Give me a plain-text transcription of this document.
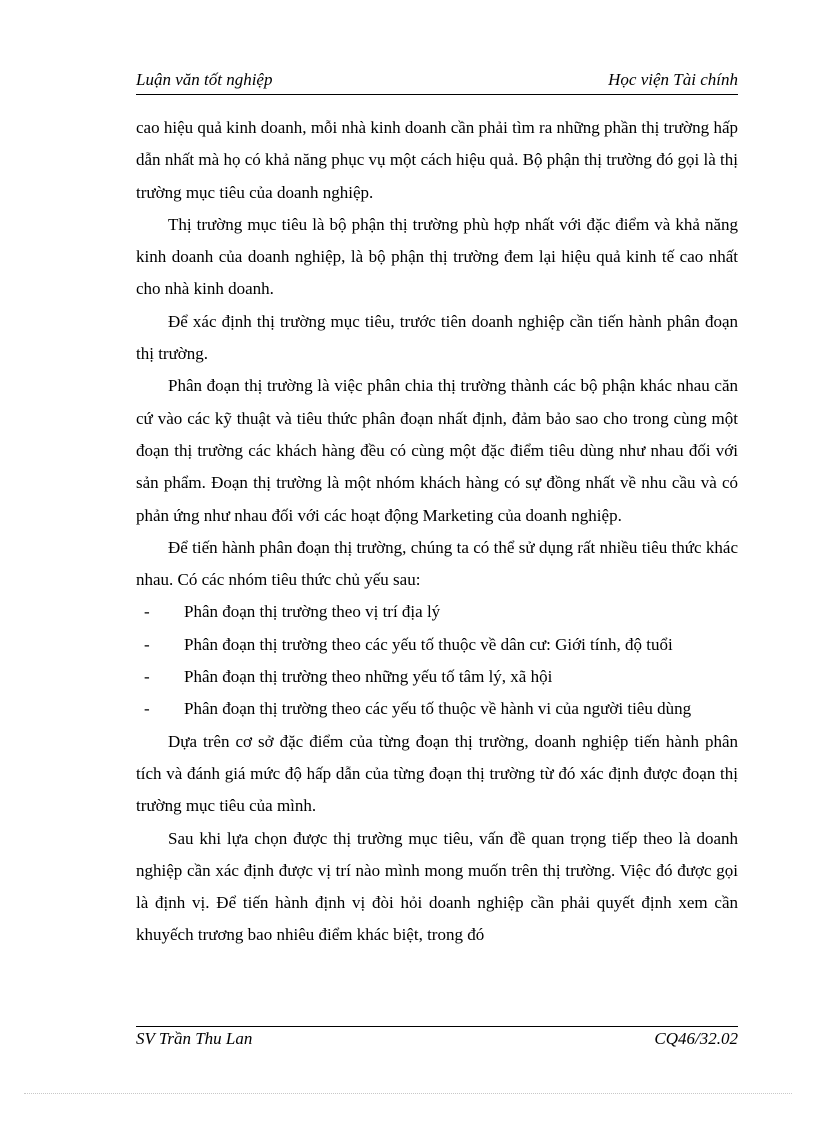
Luận văn tốt nghiệp	Học viện Tài chính

cao hiệu quả kinh doanh, mỗi nhà kinh doanh cần phải tìm ra những phần thị trường hấp dẫn nhất mà họ có khả năng phục vụ một cách hiệu quả. Bộ phận thị trường đó gọi là thị trường mục tiêu của doanh nghiệp.

Thị trường mục tiêu là bộ phận thị trường phù hợp nhất với đặc điểm và khả năng kinh doanh của doanh nghiệp, là bộ phận thị trường đem lại hiệu quả kinh tế cao nhất cho nhà kinh doanh.

Để xác định thị trường mục tiêu, trước tiên doanh nghiệp cần tiến hành phân đoạn thị trường.

Phân đoạn thị trường là việc phân chia thị trường thành các bộ phận khác nhau căn cứ vào các kỹ thuật và tiêu thức phân đoạn nhất định, đảm bảo sao cho trong cùng một đoạn thị trường các khách hàng đều có cùng một đặc điểm tiêu dùng như nhau đối với sản phẩm. Đoạn thị trường là một nhóm khách hàng có sự đồng nhất về nhu cầu và có phản ứng như nhau đối với các hoạt động Marketing của doanh nghiệp.

Để tiến hành phân đoạn thị trường, chúng ta có thể sử dụng rất nhiều tiêu thức khác nhau. Có các nhóm tiêu thức chủ yếu sau:

- Phân đoạn thị trường theo vị trí địa lý
- Phân đoạn thị trường theo các yếu tố thuộc về dân cư: Giới tính, độ tuổi
- Phân đoạn thị trường theo những yếu tố tâm lý, xã hội
- Phân đoạn thị trường theo các yếu tố thuộc về hành vi của người tiêu dùng

Dựa trên cơ sở đặc điểm của từng đoạn thị trường, doanh nghiệp tiến hành phân tích và đánh giá mức độ hấp dẫn của từng đoạn thị trường từ đó xác định được đoạn thị trường mục tiêu của mình.

Sau khi lựa chọn được thị trường mục tiêu, vấn đề quan trọng tiếp theo là doanh nghiệp cần xác định được vị trí nào mình mong muốn trên thị trường. Việc đó được gọi là định vị. Để tiến hành định vị đòi hỏi doanh nghiệp cần phải quyết định xem cần khuyếch trương bao nhiêu điểm khác biệt, trong đó

SV Trần Thu Lan	CQ46/32.02
